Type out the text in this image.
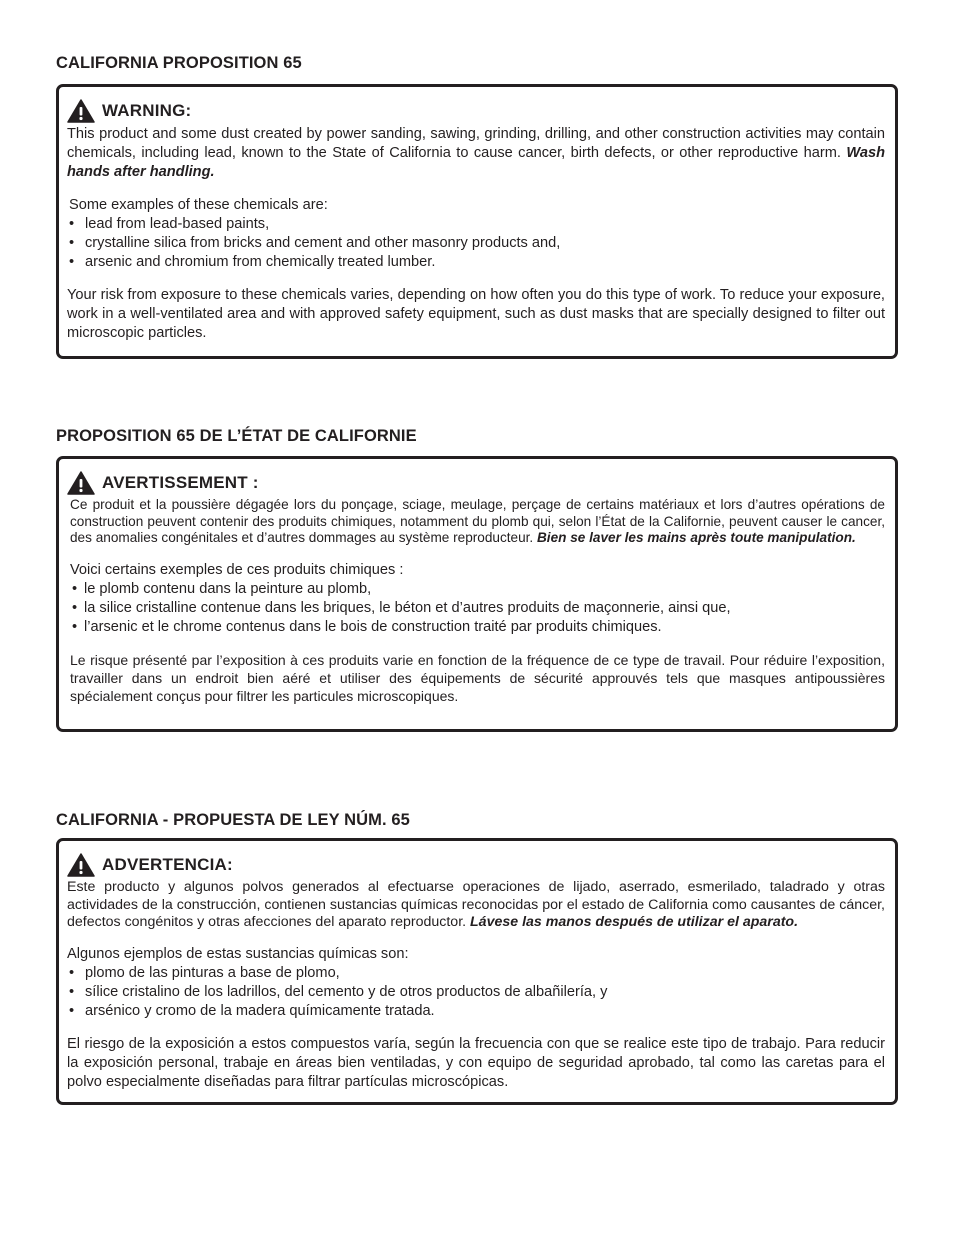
CALIFORNIA PROPOSITION 65
WARNING:

This product and some dust created by power sanding, sawing, grinding, drilling, and other construction activities may contain chemicals, including lead, known to the State of California to cause cancer, birth defects, or other reproductive harm. Wash hands after handling.

Some examples of these chemicals are:

• lead from lead-based paints,
• crystalline silica from bricks and cement and other masonry products and,
• arsenic and chromium from chemically treated lumber.

Your risk from exposure to these chemicals varies, depending on how often you do this type of work. To reduce your exposure, work in a well-ventilated area and with approved safety equipment, such as dust masks that are specially designed to filter out microscopic particles.

PROPOSITION 65 DE L’ÉTAT DE CALIFORNIE
AVERTISSEMENT :

Ce produit et la poussière dégagée lors du ponçage, sciage, meulage, perçage de certains matériaux et lors d’autres opérations de construction peuvent contenir des produits chimiques, notamment du plomb qui, selon l’État de la Californie, peuvent causer le cancer, des anomalies congénitales et d’autres dommages au système reproducteur. Bien se laver les mains après toute manipulation.

Voici certains exemples de ces produits chimiques :

• le plomb contenu dans la peinture au plomb,
• la silice cristalline contenue dans les briques, le béton et d’autres produits de maçonnerie, ainsi que,
• l’arsenic et le chrome contenus dans le bois de construction traité par produits chimiques.

Le risque présenté par l’exposition à ces produits varie en fonction de la fréquence de ce type de travail. Pour réduire l’exposition, travailler dans un endroit bien aéré et utiliser des équipements de sécurité approuvés tels que masques antipoussières spécialement conçus pour filtrer les particules microscopiques.

CALIFORNIA - PROPUESTA DE LEY NÚM. 65
ADVERTENCIA:

Este producto y algunos polvos generados al efectuarse operaciones de lijado, aserrado, esmerilado, taladrado y otras actividades de la construcción, contienen sustancias químicas reconocidas por el estado de California como causantes de cáncer, defectos congénitos y otras afecciones del aparato reproductor. Lávese las manos después de utilizar el aparato.

Algunos ejemplos de estas sustancias químicas son:

• plomo de las pinturas a base de plomo,
• sílice cristalino de los ladrillos, del cemento y de otros productos de albañilería, y
• arsénico y cromo de la madera químicamente tratada.

El riesgo de la exposición a estos compuestos varía, según la frecuencia con que se realice este tipo de trabajo. Para reducir la exposición personal, trabaje en áreas bien ventiladas, y con equipo de seguridad aprobado, tal como las caretas para el polvo especialmente diseñadas para filtrar partículas microscópicas.
